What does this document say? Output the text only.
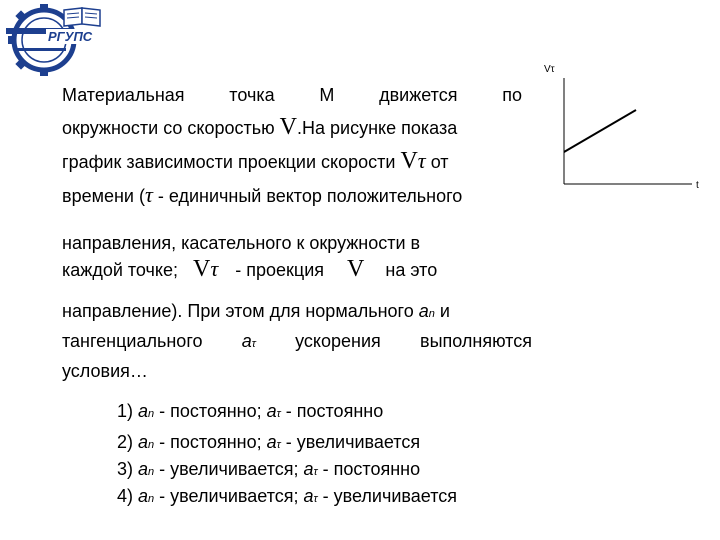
РГУПС
Vτ
t
Материальная точка М движется по
окружности со скоростью V.На рисунке показа
график зависимости проекции скорости Vτ от
времени (τ - единичный вектор положительного
направления, касательного к окружности в
каждой точке; Vτ - проекция V на это
направление). При этом для нормального an и
тангенциального aτ ускорения выполняются
условия…
1) an - постоянно; aτ - постоянно
2) an - постоянно; aτ - увеличивается
3) an - увеличивается; aτ - постоянно
4) an - увеличивается; aτ - увеличивается
